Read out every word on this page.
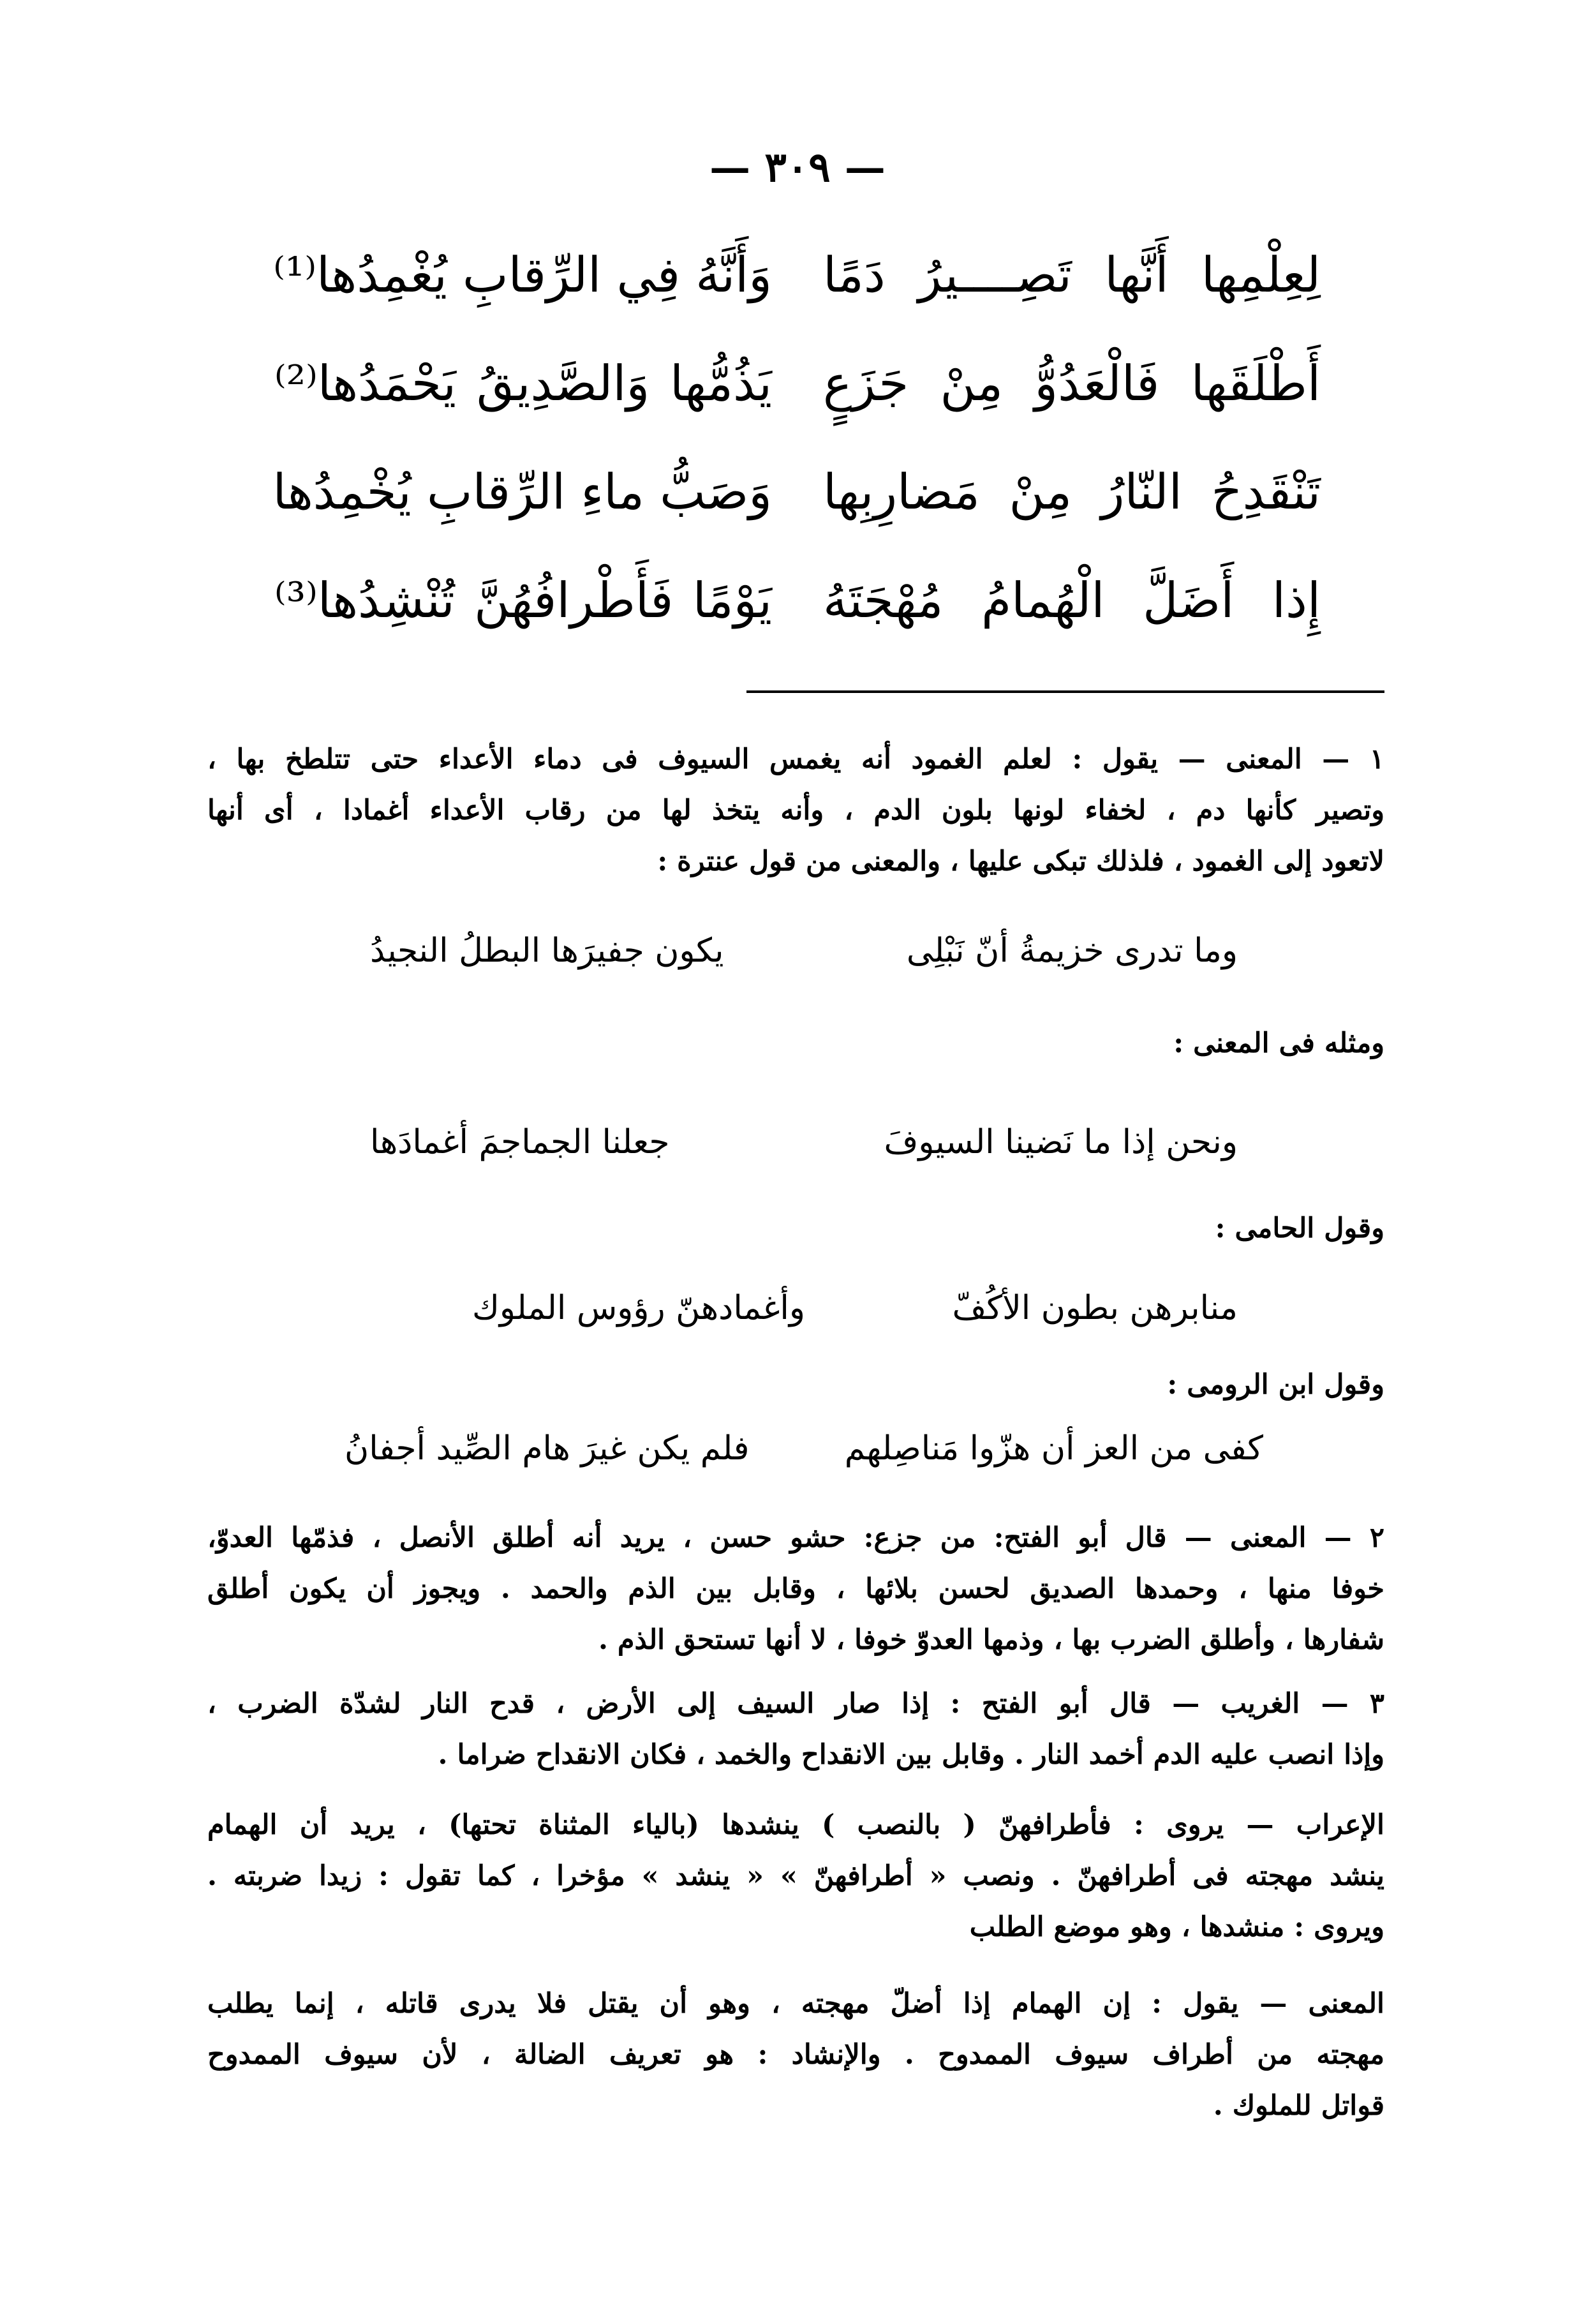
— ٣٠٩ —
لِعِلْمِها أَنَّها تَصِــــيرُ دَمًا
وَأَنَّهُ فِي الرِّقابِ يُغْمِدُها⁽¹⁾
أَطْلَقَها فَالْعَدُوُّ مِنْ جَزَعٍ
يَذُمُّها وَالصَّدِيقُ يَحْمَدُها⁽²⁾
تَنْقَدِحُ النّارُ مِنْ مَضارِبِها
وَصَبُّ ماءِ الرِّقابِ يُخْمِدُها
إِذا أَضَلَّ الْهُمامُ مُهْجَتَهُ
يَوْمًا فَأَطْرافُهُنَّ تُنْشِدُها⁽³⁾
١ — المعنى — يقول : لعلم الغمود أنه يغمس السيوف فى دماء الأعداء حتى تتلطخ بها ،
وتصير كأنها دم ، لخفاء لونها بلون الدم ، وأنه يتخذ لها من رقاب الأعداء أغمادا ، أى أنها
لاتعود إلى الغمود ، فلذلك تبكى عليها ، والمعنى من قول عنترة :
وما تدرى خزيمةُ أنّ نَبْلِى
يكون جفيرَها البطلُ النجيدُ
ومثله فى المعنى :
ونحن إذا ما نَضينا السيوفَ
جعلنا الجماجمَ أغمادَها
وقول الحامى :
منابرهن بطون الأكُفّ
وأغمادهنّ رؤوس الملوك
وقول ابن الرومى :
كفى من العز أن هزّوا مَناصِلهم
فلم يكن غيرَ هام الصِّيد أجفانُ
٢ — المعنى — قال أبو الفتح: من جزع: حشو حسن ، يريد أنه أطلق الأنصل ، فذمّها العدوّ،
خوفا منها ، وحمدها الصديق لحسن بلائها ، وقابل بين الذم والحمد . ويجوز أن يكون أطلق
شفارها ، وأطلق الضرب بها ، وذمها العدوّ خوفا ، لا أنها تستحق الذم .
٣ — الغريب — قال أبو الفتح : إذا صار السيف إلى الأرض ، قدح النار لشدّة الضرب ،
وإذا انصب عليه الدم أخمد النار . وقابل بين الانقداح والخمد ، فكان الانقداح ضراما .
الإعراب — يروى : فأطرافهنّ ( بالنصب ) ينشدها (بالياء المثناة تحتها) ، يريد أن الهمام
ينشد مهجته فى أطرافهنّ . ونصب « أطرافهنّ » « ينشد » مؤخرا ، كما تقول : زيدا ضربته .
ويروى : منشدها ، وهو موضع الطلب
المعنى — يقول : إن الهمام إذا أضلّ مهجته ، وهو أن يقتل فلا يدرى قاتله ، إنما يطلب
مهجته من أطراف سيوف الممدوح . والإنشاد : هو تعريف الضالة ، لأن سيوف الممدوح
قواتل للملوك .
